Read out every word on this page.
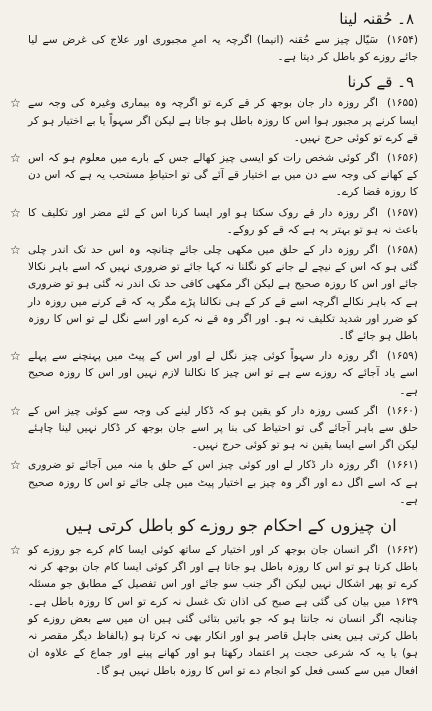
۸۔ حُقنہ لینا

(۱۶۵۴) سَیّال چیز سے حُقنہ (انیما) اگرچہ یہ امرِ مجبوری اور علاج کی غرض سے لیا جائے روزے کو باطل کر دیتا ہے۔

۹۔ قے کرنا

☆	(۱۶۵۵) اگر روزہ دار جان بوجھ کر قے کرے تو اگرچہ وہ بیماری وغیرہ کی وجہ سے ایسا کرنے پر مجبور ہوا اس کا روزہ باطل ہو جاتا ہے لیکن اگر سہواً یا بے اختیار ہو کر قے کرے تو کوئی حرج نہیں۔

☆	(۱۶۵۶) اگر کوئی شخص رات کو ایسی چیز کھالے جس کے بارے میں معلوم ہو کہ اس کے کھانے کی وجہ سے دن میں بے اختیار قے آئے گی تو احتیاطِ مستحب یہ ہے کہ اس دن کا روزہ قضا کرے۔

☆	(۱۶۵۷) اگر روزہ دار قے روک سکتا ہو اور ایسا کرنا اس کے لئے مضر اور تکلیف کا باعث نہ ہو تو بہتر یہ ہے کہ قے کو روکے۔

☆	(۱۶۵۸) اگر روزہ دار کے حلق میں مکھی چلی جائے چنانچہ وہ اس حد تک اندر چلی گئی ہو کہ اس کے نیچے لے جانے کو نگلنا نہ کہا جائے تو ضروری نہیں کہ اسے باہر نکالا جائے اور اس کا روزہ صحیح ہے لیکن اگر مکھی کافی حد تک اندر نہ گئی ہو تو ضروری ہے کہ باہر نکالے اگرچہ اسے قے کر کے ہی نکالنا پڑے مگر یہ کہ قے کرنے میں روزہ دار کو ضرر اور شدید تکلیف نہ ہو۔ اور اگر وہ قے نہ کرے اور اسے نگل لے تو اس کا روزہ باطل ہو جائے گا۔

☆	(۱۶۵۹) اگر روزہ دار سہواً کوئی چیز نگل لے اور اس کے پیٹ میں پہنچنے سے پہلے اسے یاد آجائے کہ روزے سے ہے تو اس چیز کا نکالنا لازم نہیں اور اس کا روزہ صحیح ہے۔

☆	(۱۶۶۰) اگر کسی روزہ دار کو یقین ہو کہ ڈکار لینے کی وجہ سے کوئی چیز اس کے حلق سے باہر آجائے گی تو احتیاط کی بنا پر اسے جان بوجھ کر ڈکار نہیں لینا چاہئے لیکن اگر اسے ایسا یقین نہ ہو تو کوئی حرج نہیں۔

☆	(۱۶۶۱) اگر روزہ دار ڈکار لے اور کوئی چیز اس کے حلق یا منہ میں آجائے تو ضروری ہے کہ اسے اگل دے اور اگر وہ چیز بے اختیار پیٹ میں چلی جائے تو اس کا روزہ صحیح ہے۔

ان چیزوں کے احکام جو روزے کو باطل کرتی ہیں

☆	(۱۶۶۲) اگر انسان جان بوجھ کر اور اختیار کے ساتھ کوئی ایسا کام کرے جو روزے کو باطل کرتا ہو تو اس کا روزہ باطل ہو جاتا ہے اور اگر کوئی ایسا کام جان بوجھ کر نہ کرے تو پھر اشکال نہیں لیکن اگر جنب سو جائے اور اس تفصیل کے مطابق جو مسئلہ ۱۶۳۹ میں بیان کی گئی ہے صبح کی اذان تک غسل نہ کرے تو اس کا روزہ باطل ہے۔ چنانچہ اگر انسان نہ جانتا ہو کہ جو باتیں بتائی گئی ہیں ان میں سے بعض روزے کو باطل کرتی ہیں یعنی جاہل قاصر ہو اور انکار بھی نہ کرتا ہو (بالفاظ دیگر مقصر نہ ہو) یا یہ کہ شرعی حجت پر اعتماد رکھتا ہو اور کھانے پینے اور جماع کے علاوہ ان افعال میں سے کسی فعل کو انجام دے تو اس کا روزہ باطل نہیں ہو گا۔
